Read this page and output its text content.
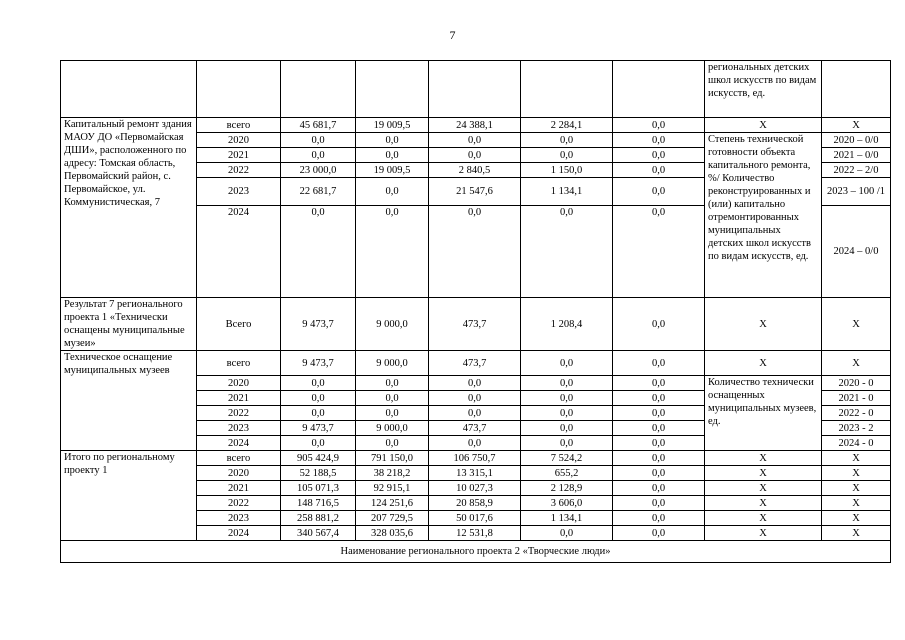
7
							региональных детских школ искусств по видам искусств, ед.	
Капитальный ремонт здания МАОУ ДО «Первомайская ДШИ», расположенного по адресу: Томская область, Первомайский район, с. Первомайское, ул. Коммунистическая, 7	всего	45 681,7	19 009,5	24 388,1	2 284,1	0,0	X	X
	2020	0,0	0,0	0,0	0,0	0,0	Степень технической готовности объекта капитального ремонта, %/ Количество реконструированных и (или) капитально отремонтированных муниципальных детских школ искусств по видам искусств, ед.	2020 – 0/0
	2021	0,0	0,0	0,0	0,0	0,0		2021 – 0/0
	2022	23 000,0	19 009,5	2 840,5	1 150,0	0,0		2022 – 2/0
	2023	22 681,7	0,0	21 547,6	1 134,1	0,0		2023 – 100 /1
	2024	0,0	0,0	0,0	0,0	0,0		2024 – 0/0
Результат 7 регионального проекта 1 «Технически оснащены муниципальные музеи»	Всего	9 473,7	9 000,0	473,7	1 208,4	0,0	X	X
Техническое оснащение муниципальных музеев	всего	9 473,7	9 000,0	473,7	0,0	0,0	X	X
	2020	0,0	0,0	0,0	0,0	0,0	Количество технически оснащенных муниципальных музеев, ед.	2020 - 0
	2021	0,0	0,0	0,0	0,0	0,0		2021 - 0
	2022	0,0	0,0	0,0	0,0	0,0		2022 - 0
	2023	9 473,7	9 000,0	473,7	0,0	0,0		2023 - 2
	2024	0,0	0,0	0,0	0,0	0,0		2024 - 0
Итого по региональному проекту 1	всего	905 424,9	791 150,0	106 750,7	7 524,2	0,0	X	X
	2020	52 188,5	38 218,2	13 315,1	655,2	0,0	X	X
	2021	105 071,3	92 915,1	10 027,3	2 128,9	0,0	X	X
	2022	148 716,5	124 251,6	20 858,9	3 606,0	0,0	X	X
	2023	258 881,2	207 729,5	50 017,6	1 134,1	0,0	X	X
	2024	340 567,4	328 035,6	12 531,8	0,0	0,0	X	X
Наименование регионального проекта 2 «Творческие люди»								
